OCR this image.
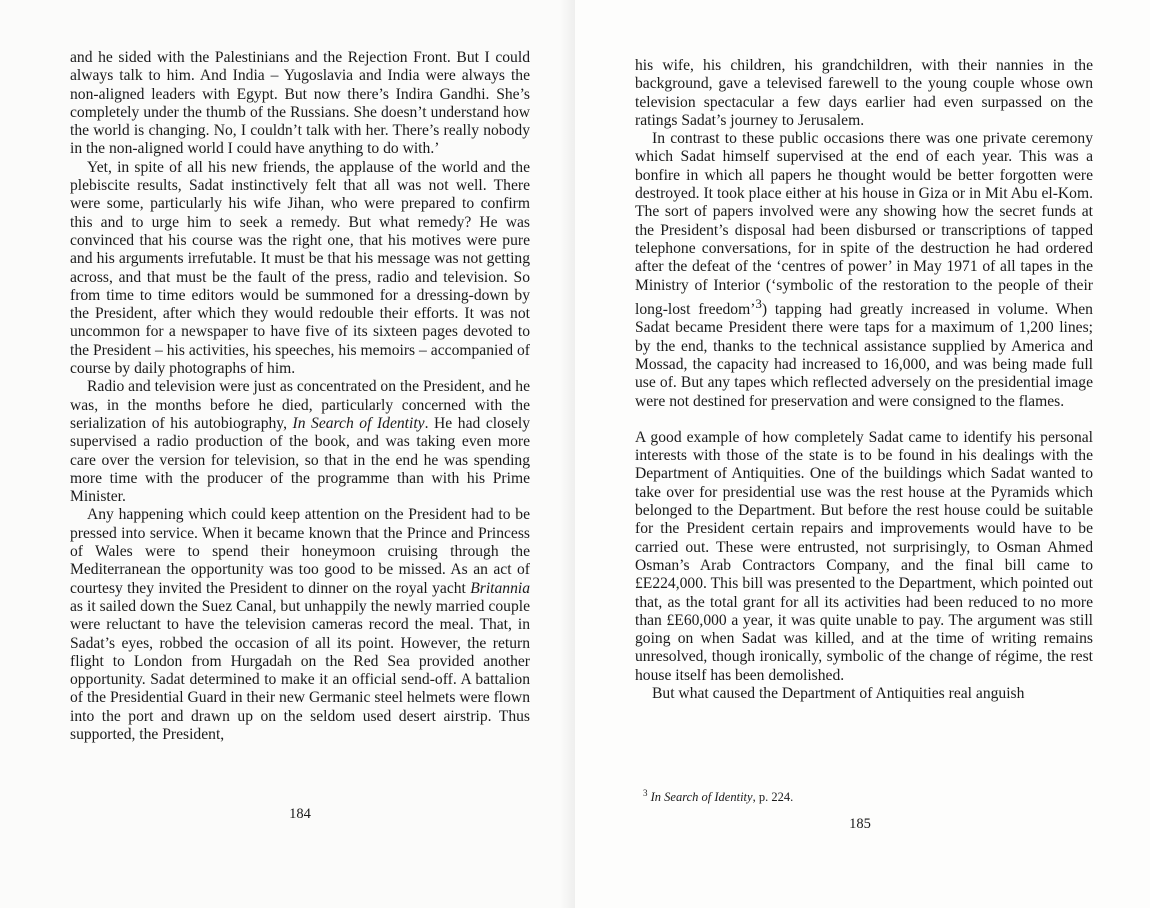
and he sided with the Palestinians and the Rejection Front. But I could always talk to him. And India – Yugoslavia and India were always the non-aligned leaders with Egypt. But now there’s Indira Gandhi. She’s completely under the thumb of the Russians. She doesn’t understand how the world is changing. No, I couldn’t talk with her. There’s really nobody in the non-aligned world I could have anything to do with.’

Yet, in spite of all his new friends, the applause of the world and the plebiscite results, Sadat instinctively felt that all was not well. There were some, particularly his wife Jihan, who were prepared to confirm this and to urge him to seek a remedy. But what remedy? He was convinced that his course was the right one, that his motives were pure and his arguments irrefutable. It must be that his message was not getting across, and that must be the fault of the press, radio and television. So from time to time editors would be summoned for a dressing-down by the President, after which they would redouble their efforts. It was not uncommon for a newspaper to have five of its sixteen pages devoted to the President – his activities, his speeches, his memoirs – accompanied of course by daily photographs of him.

Radio and television were just as concentrated on the President, and he was, in the months before he died, particularly concerned with the serialization of his autobiography, In Search of Identity. He had closely supervised a radio production of the book, and was taking even more care over the version for television, so that in the end he was spending more time with the producer of the programme than with his Prime Minister.

Any happening which could keep attention on the President had to be pressed into service. When it became known that the Prince and Princess of Wales were to spend their honeymoon cruising through the Mediterranean the opportunity was too good to be missed. As an act of courtesy they invited the President to dinner on the royal yacht Britannia as it sailed down the Suez Canal, but unhappily the newly married couple were reluctant to have the television cameras record the meal. That, in Sadat’s eyes, robbed the occasion of all its point. However, the return flight to London from Hurgadah on the Red Sea provided another opportunity. Sadat determined to make it an official send-off. A battalion of the Presidential Guard in their new Germanic steel helmets were flown into the port and drawn up on the seldom used desert airstrip. Thus supported, the President,

184

his wife, his children, his grandchildren, with their nannies in the background, gave a televised farewell to the young couple whose own television spectacular a few days earlier had even surpassed on the ratings Sadat’s journey to Jerusalem.

In contrast to these public occasions there was one private ceremony which Sadat himself supervised at the end of each year. This was a bonfire in which all papers he thought would be better forgotten were destroyed. It took place either at his house in Giza or in Mit Abu el-Kom. The sort of papers involved were any showing how the secret funds at the President’s disposal had been disbursed or transcriptions of tapped telephone conversations, for in spite of the destruction he had ordered after the defeat of the ‘centres of power’ in May 1971 of all tapes in the Ministry of Interior (‘symbolic of the restoration to the people of their long-lost freedom’$^3$) tapping had greatly increased in volume. When Sadat became President there were taps for a maximum of 1,200 lines; by the end, thanks to the technical assistance supplied by America and Mossad, the capacity had increased to 16,000, and was being made full use of. But any tapes which reflected adversely on the presidential image were not destined for preservation and were consigned to the flames.

A good example of how completely Sadat came to identify his personal interests with those of the state is to be found in his dealings with the Department of Antiquities. One of the buildings which Sadat wanted to take over for presidential use was the rest house at the Pyramids which belonged to the Department. But before the rest house could be suitable for the President certain repairs and improvements would have to be carried out. These were entrusted, not surprisingly, to Osman Ahmed Osman’s Arab Contractors Company, and the final bill came to £E224,000. This bill was presented to the Department, which pointed out that, as the total grant for all its activities had been reduced to no more than £E60,000 a year, it was quite unable to pay. The argument was still going on when Sadat was killed, and at the time of writing remains unresolved, though ironically, symbolic of the change of régime, the rest house itself has been demolished.

But what caused the Department of Antiquities real anguish

$^3$ In Search of Identity, p. 224.
185
